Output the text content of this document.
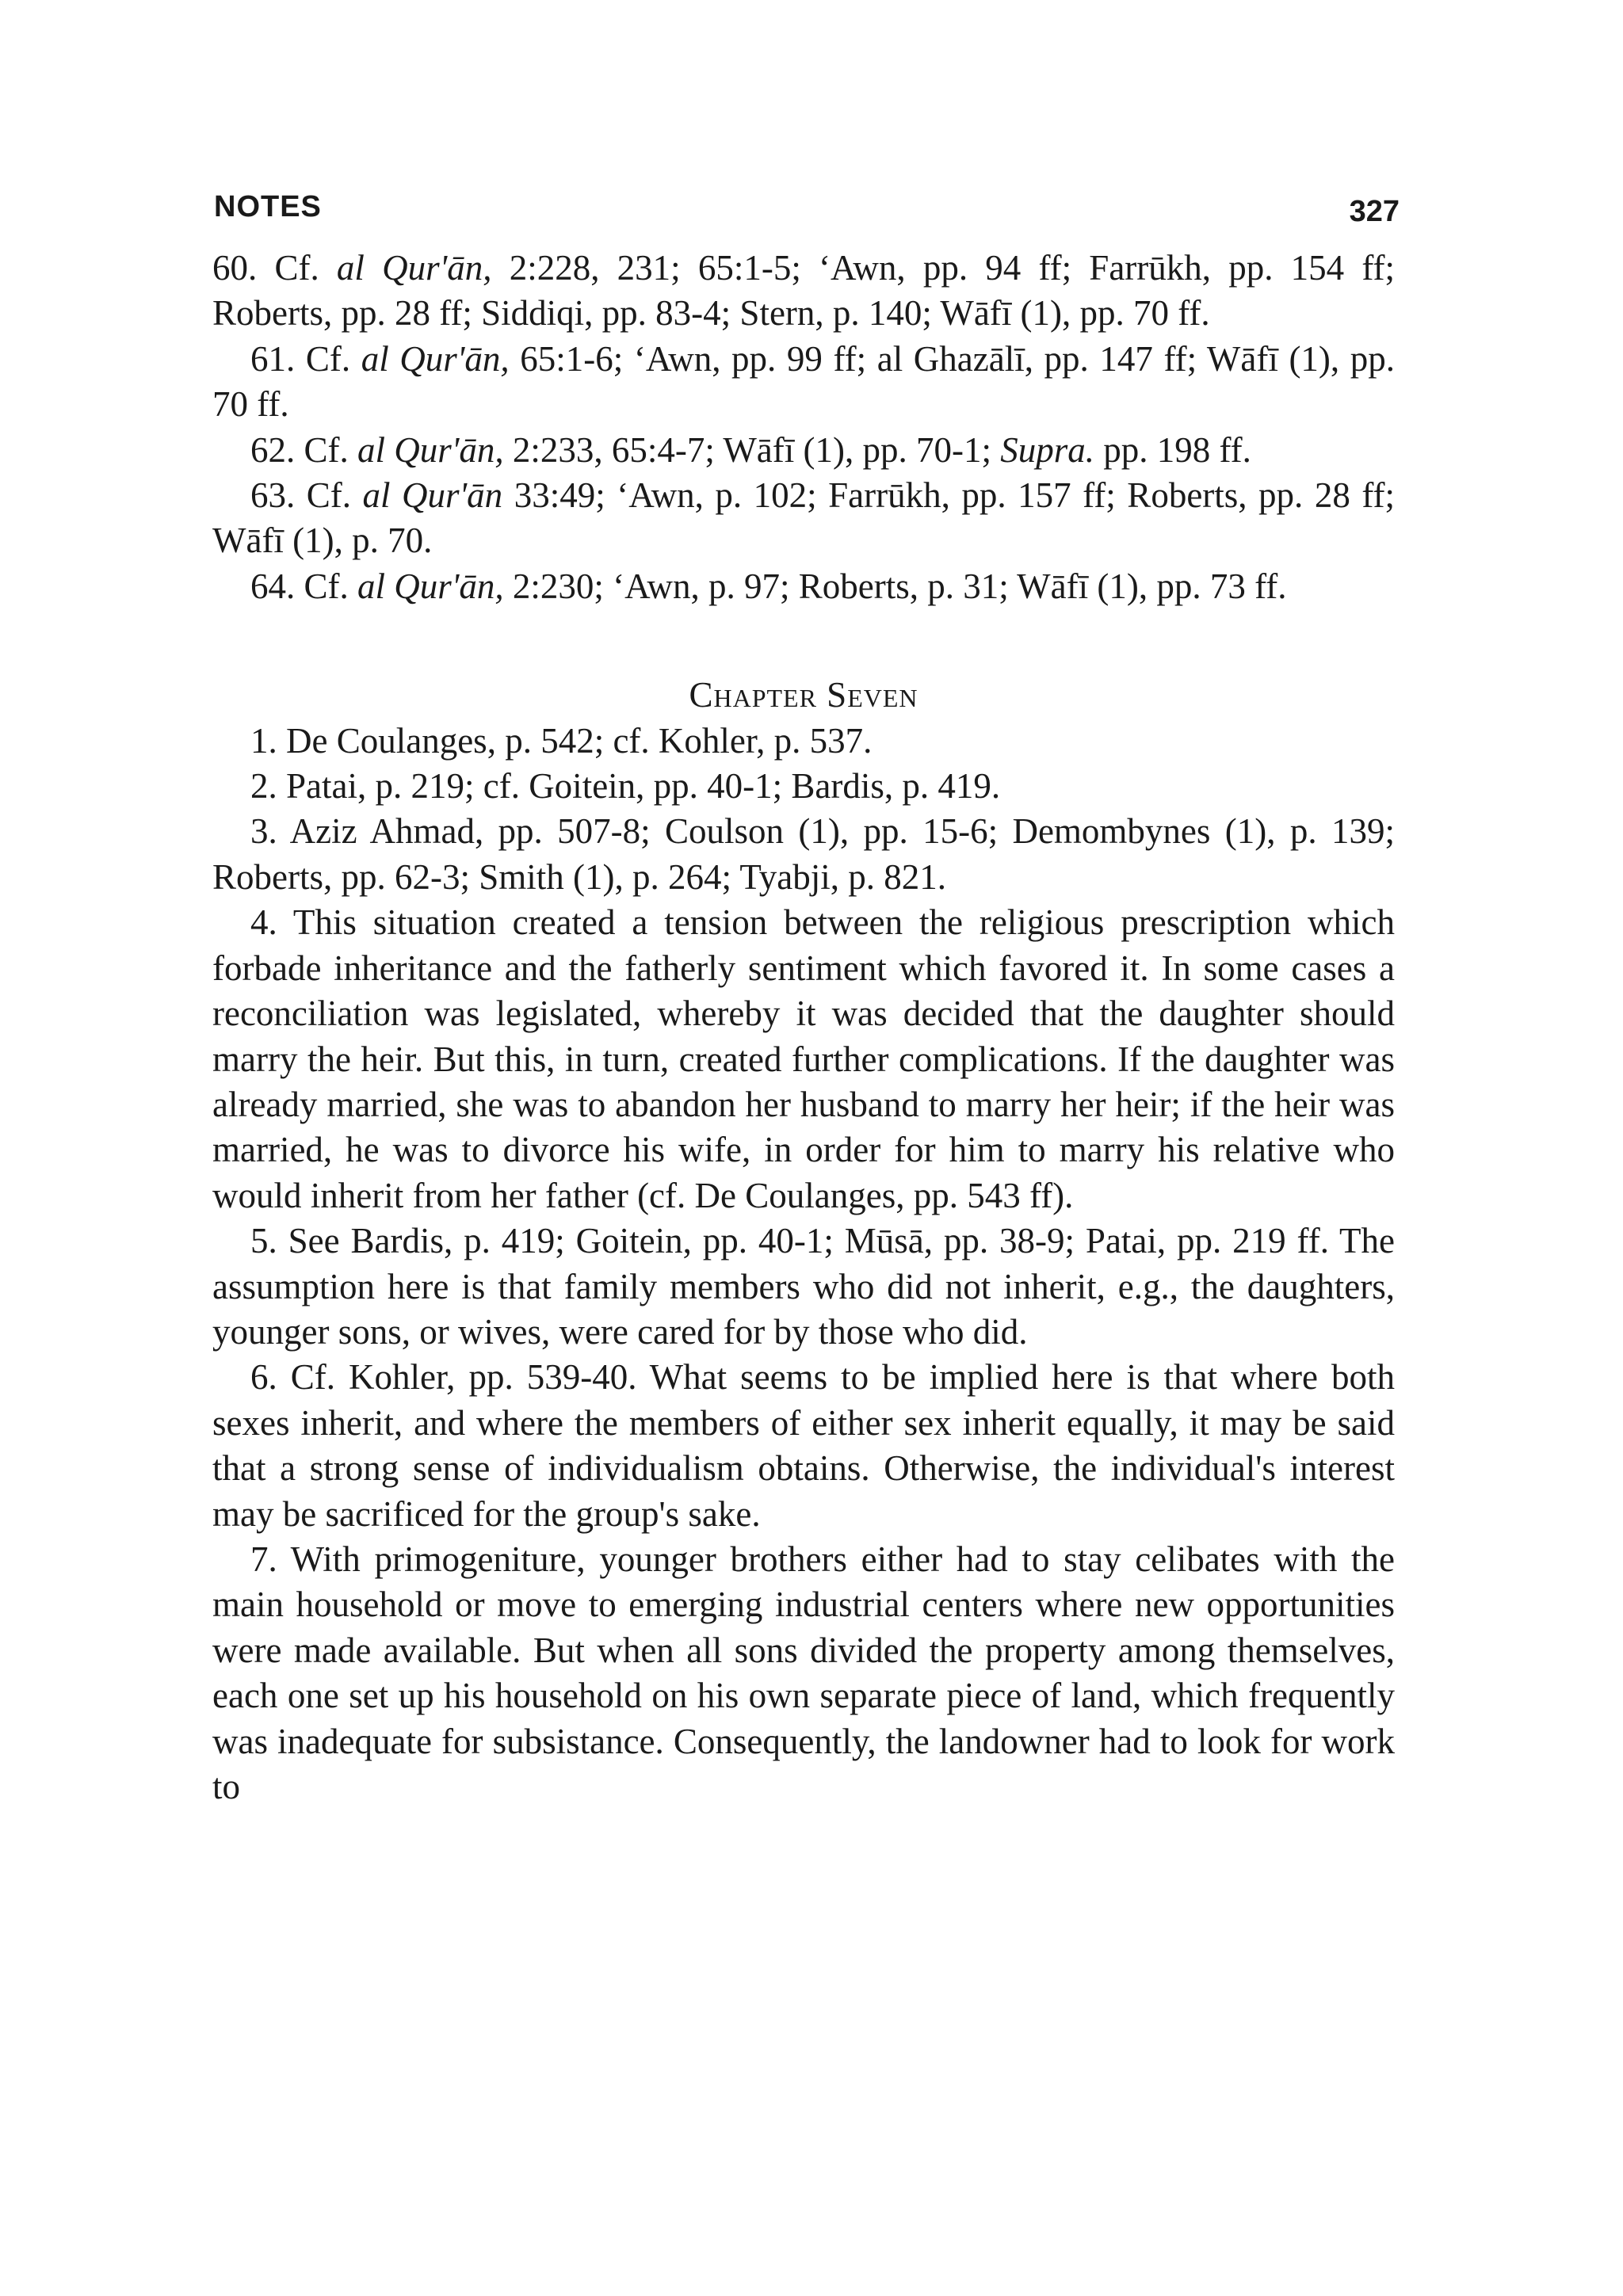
NOTES	327

60. Cf. al Qur'ān, 2:228, 231; 65:1-5; ‘Awn, pp. 94 ff; Farrūkh, pp. 154 ff; Roberts, pp. 28 ff; Siddiqi, pp. 83-4; Stern, p. 140; Wāfī (1), pp. 70 ff.

61. Cf. al Qur'ān, 65:1-6; ‘Awn, pp. 99 ff; al Ghazālī, pp. 147 ff; Wāfī (1), pp. 70 ff.

62. Cf. al Qur'ān, 2:233, 65:4-7; Wāfī (1), pp. 70-1; Supra. pp. 198 ff.

63. Cf. al Qur'ān 33:49; ‘Awn, p. 102; Farrūkh, pp. 157 ff; Roberts, pp. 28 ff; Wāfī (1), p. 70.

64. Cf. al Qur'ān, 2:230; ‘Awn, p. 97; Roberts, p. 31; Wāfī (1), pp. 73 ff.

Chapter Seven

1. De Coulanges, p. 542; cf. Kohler, p. 537.

2. Patai, p. 219; cf. Goitein, pp. 40-1; Bardis, p. 419.

3. Aziz Ahmad, pp. 507-8; Coulson (1), pp. 15-6; Demombynes (1), p. 139; Roberts, pp. 62-3; Smith (1), p. 264; Tyabji, p. 821.

4. This situation created a tension between the religious prescription which forbade inheritance and the fatherly sentiment which favored it. In some cases a reconciliation was legislated, whereby it was decided that the daughter should marry the heir. But this, in turn, created further complications. If the daughter was already married, she was to abandon her husband to marry her heir; if the heir was married, he was to divorce his wife, in order for him to marry his relative who would inherit from her father (cf. De Coulanges, pp. 543 ff).

5. See Bardis, p. 419; Goitein, pp. 40-1; Mūsā, pp. 38-9; Patai, pp. 219 ff. The assumption here is that family members who did not inherit, e.g., the daughters, younger sons, or wives, were cared for by those who did.

6. Cf. Kohler, pp. 539-40. What seems to be implied here is that where both sexes inherit, and where the members of either sex inherit equally, it may be said that a strong sense of individualism obtains. Otherwise, the individual's interest may be sacrificed for the group's sake.

7. With primogeniture, younger brothers either had to stay celibates with the main household or move to emerging industrial centers where new opportunities were made available. But when all sons divided the property among themselves, each one set up his household on his own separate piece of land, which frequently was inadequate for subsistance. Consequently, the landowner had to look for work to
